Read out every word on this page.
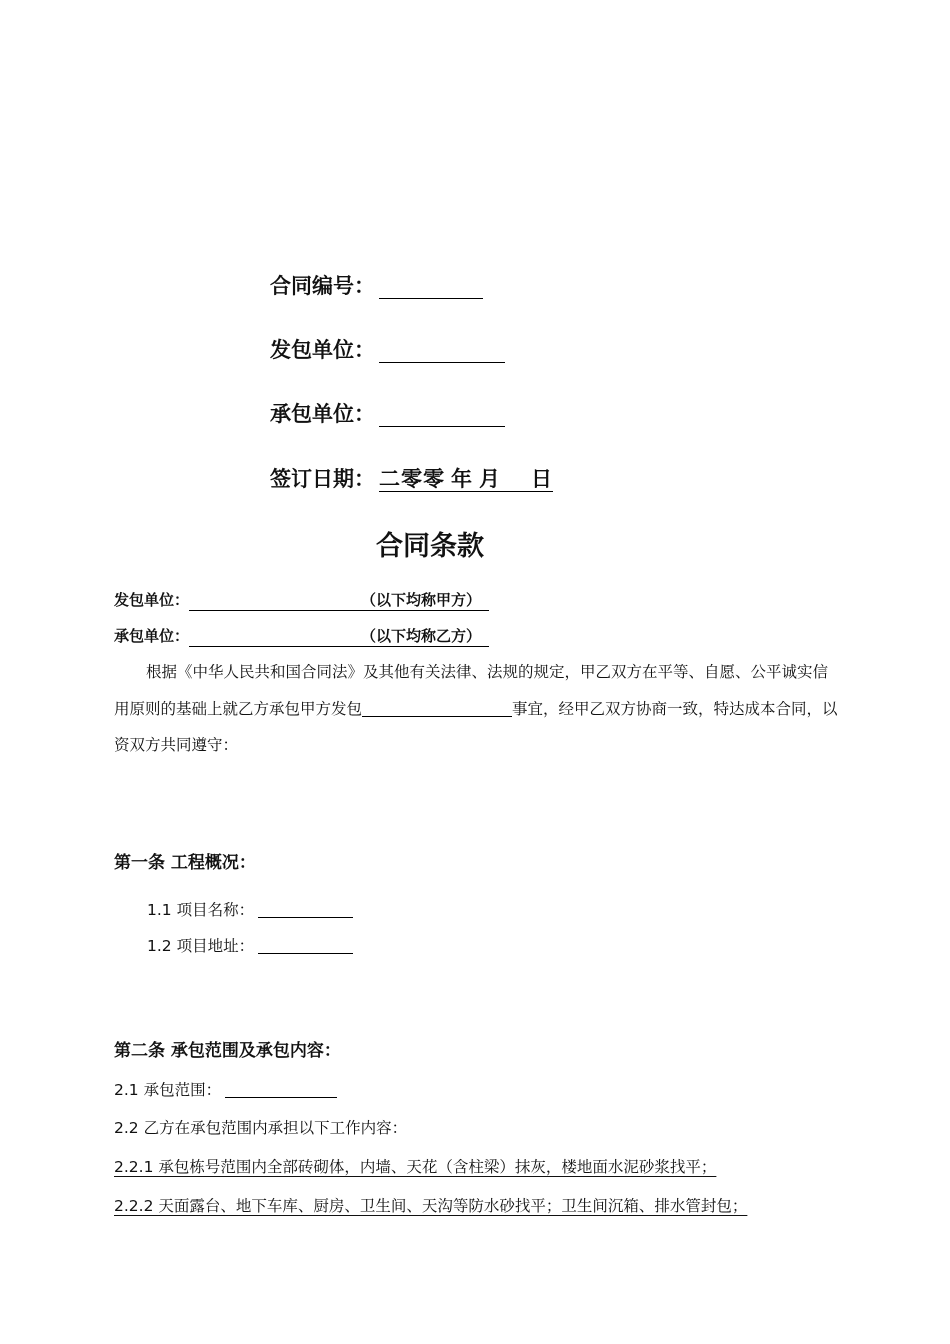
合同编号：
发包单位：
承包单位：
签订日期： 二零零 年 月 日
合同条款
发包单位：	（以下均称甲方）
承包单位：	（以下均称乙方）
根据《中华人民共和国合同法》及其他有关法律、法规的规定，甲乙双方在平等、自愿、公平诚实信用原则的基础上就乙方承包甲方发包	事宜，经甲乙双方协商一致，特达成本合同，以资双方共同遵守：
第一条 工程概况：
1.1 项目名称：
1.2 项目地址：
第二条 承包范围及承包内容：
2.1 承包范围：
2.2 乙方在承包范围内承担以下工作内容：
2.2.1 承包栋号范围内全部砖砌体，内墙、天花（含柱梁）抹灰，楼地面水泥砂浆找平；
2.2.2 天面露台、地下车库、厨房、卫生间、天沟等防水砂找平；卫生间沉箱、排水管封包；
